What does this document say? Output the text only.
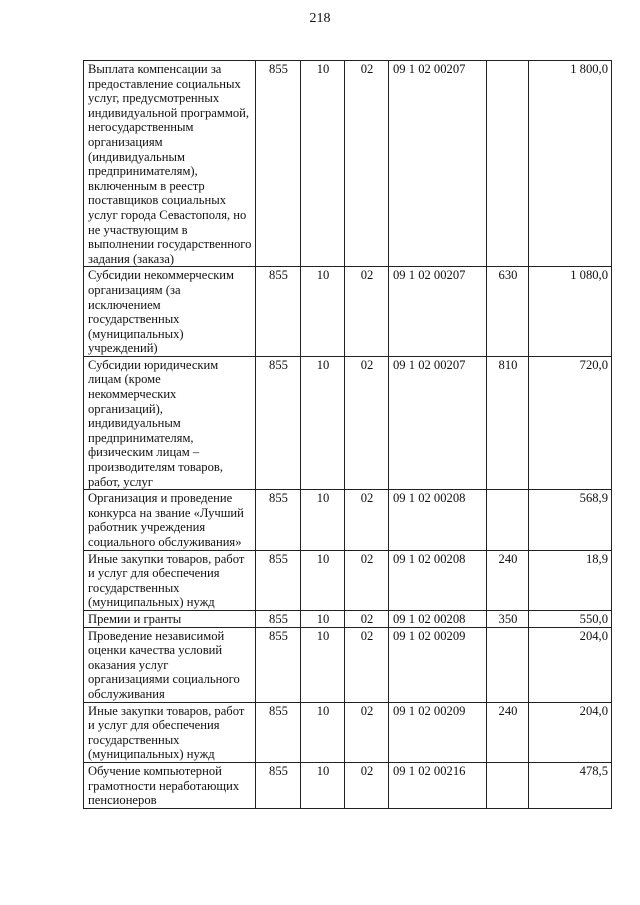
218
Выплата компенсации за предоставление социальных услуг, предусмотренных индивидуальной программой, негосударственным организациям (индивидуальным предпринимателям), включенным в реестр поставщиков социальных услуг города Севастополя, но не участвующим в выполнении государственного задания (заказа)	855	10	02	09 1 02 00207		1 800,0
Субсидии некоммерческим организациям (за исключением государственных (муниципальных) учреждений)	855	10	02	09 1 02 00207	630	1 080,0
Субсидии юридическим лицам (кроме некоммерческих организаций), индивидуальным предпринимателям, физическим лицам – производителям товаров, работ, услуг	855	10	02	09 1 02 00207	810	720,0
Организация и проведение конкурса на звание «Лучший работник учреждения социального обслуживания»	855	10	02	09 1 02 00208		568,9
Иные закупки товаров, работ и услуг для обеспечения государственных (муниципальных) нужд	855	10	02	09 1 02 00208	240	18,9
Премии и гранты	855	10	02	09 1 02 00208	350	550,0
Проведение независимой оценки качества условий оказания услуг организациями социального обслуживания	855	10	02	09 1 02 00209		204,0
Иные закупки товаров, работ и услуг для обеспечения государственных (муниципальных) нужд	855	10	02	09 1 02 00209	240	204,0
Обучение компьютерной грамотности неработающих пенсионеров	855	10	02	09 1 02 00216		478,5
